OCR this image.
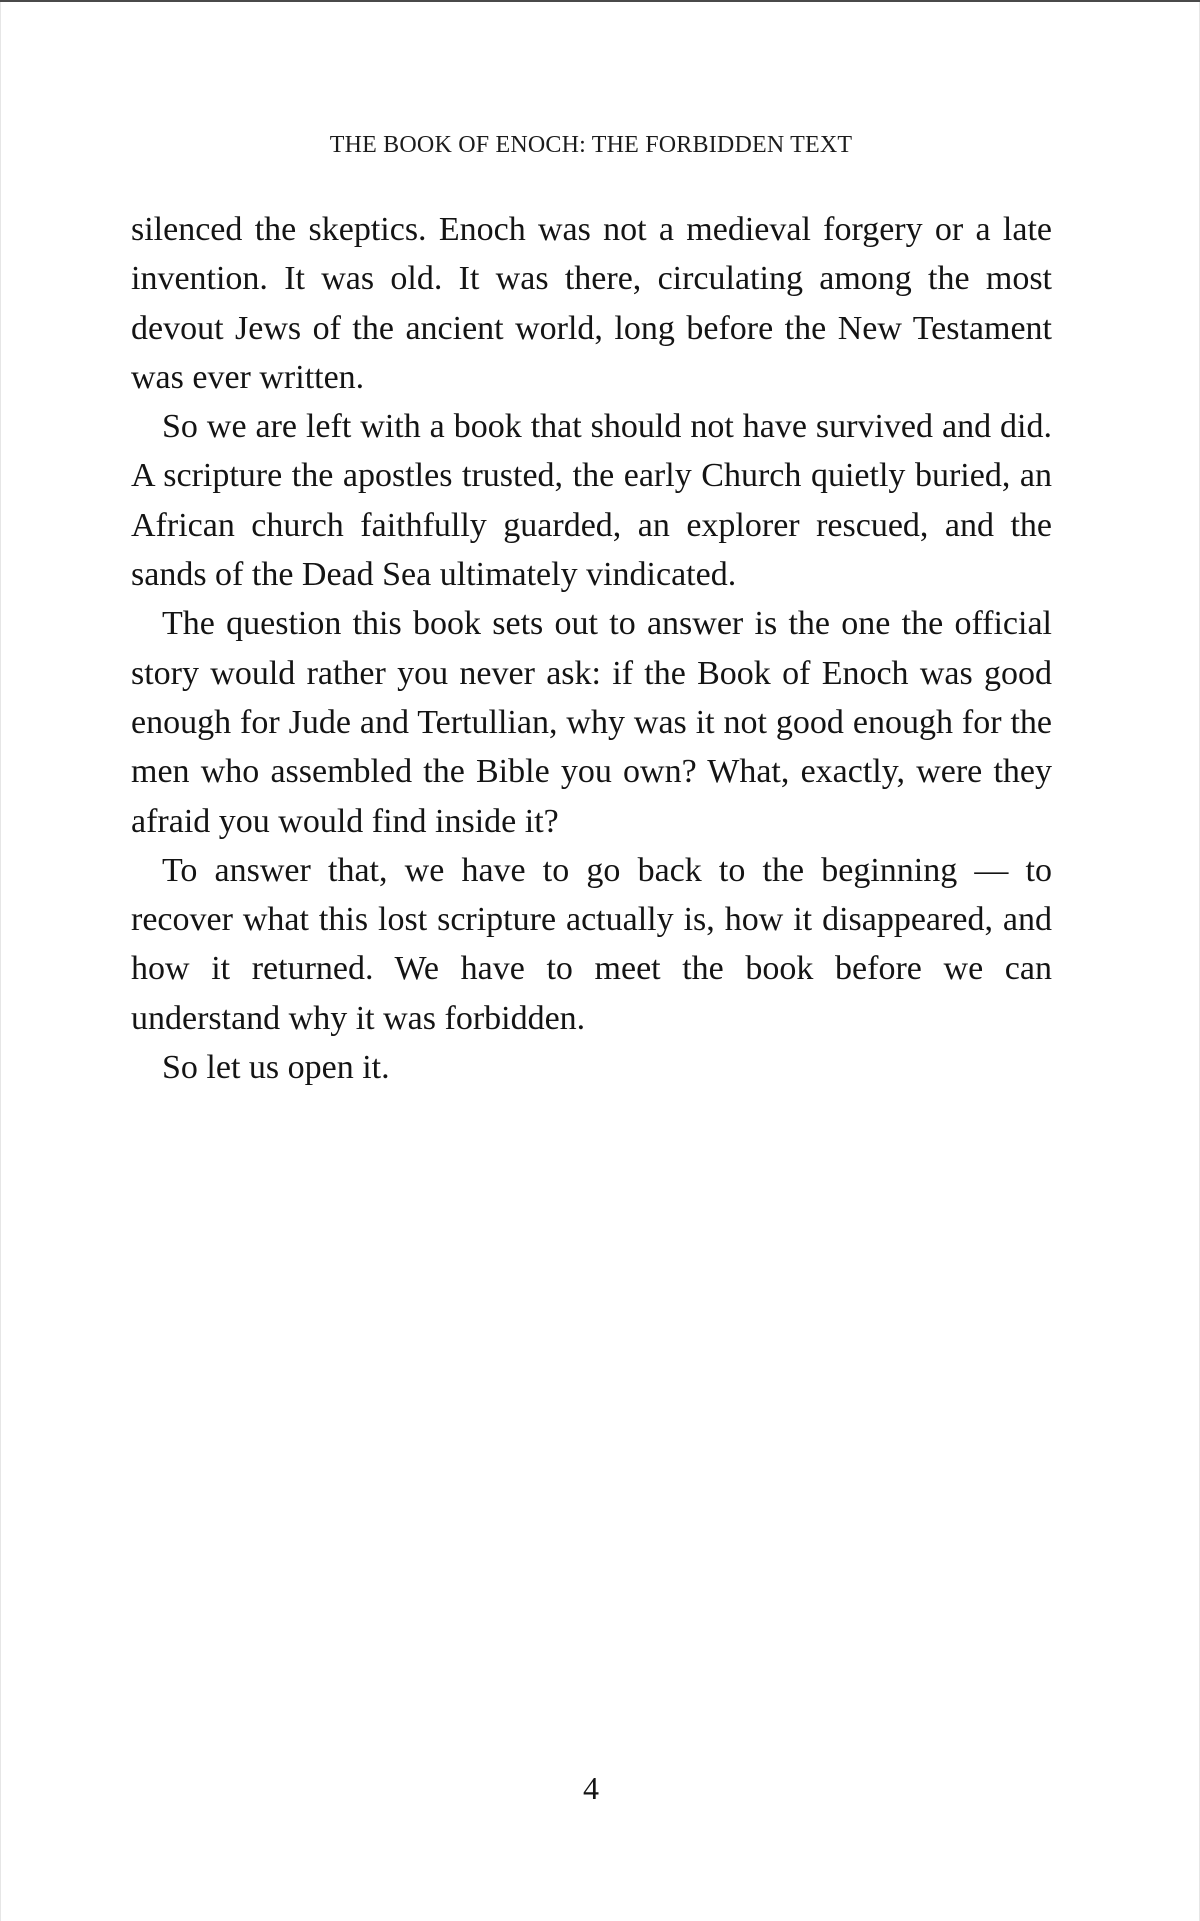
THE BOOK OF ENOCH: THE FORBIDDEN TEXT

silenced the skeptics. Enoch was not a medieval forgery or a late invention. It was old. It was there, circulating among the most devout Jews of the ancient world, long before the New Testament was ever written.

So we are left with a book that should not have survived and did. A scripture the apostles trusted, the early Church quietly buried, an African church faithfully guarded, an explorer rescued, and the sands of the Dead Sea ultimately vindicated.

The question this book sets out to answer is the one the official story would rather you never ask: if the Book of Enoch was good enough for Jude and Tertullian, why was it not good enough for the men who assembled the Bible you own? What, exactly, were they afraid you would find inside it?

To answer that, we have to go back to the beginning — to recover what this lost scripture actually is, how it disappeared, and how it returned. We have to meet the book before we can understand why it was forbidden.

So let us open it.

4
